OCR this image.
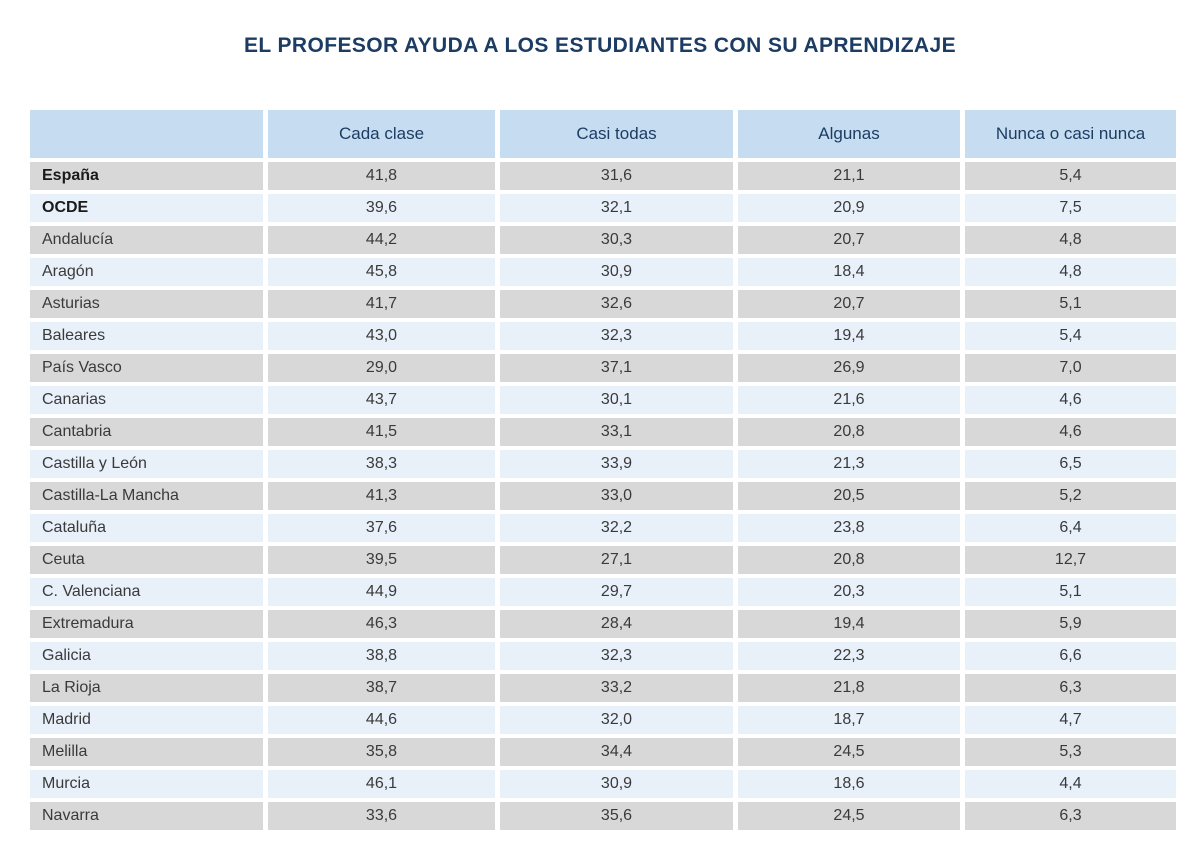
EL PROFESOR AYUDA A LOS ESTUDIANTES CON SU APRENDIZAJE
	Cada clase	Casi todas	Algunas	Nunca o casi nunca
España	41,8	31,6	21,1	5,4
OCDE	39,6	32,1	20,9	7,5
Andalucía	44,2	30,3	20,7	4,8
Aragón	45,8	30,9	18,4	4,8
Asturias	41,7	32,6	20,7	5,1
Baleares	43,0	32,3	19,4	5,4
País Vasco	29,0	37,1	26,9	7,0
Canarias	43,7	30,1	21,6	4,6
Cantabria	41,5	33,1	20,8	4,6
Castilla y León	38,3	33,9	21,3	6,5
Castilla-La Mancha	41,3	33,0	20,5	5,2
Cataluña	37,6	32,2	23,8	6,4
Ceuta	39,5	27,1	20,8	12,7
C. Valenciana	44,9	29,7	20,3	5,1
Extremadura	46,3	28,4	19,4	5,9
Galicia	38,8	32,3	22,3	6,6
La Rioja	38,7	33,2	21,8	6,3
Madrid	44,6	32,0	18,7	4,7
Melilla	35,8	34,4	24,5	5,3
Murcia	46,1	30,9	18,6	4,4
Navarra	33,6	35,6	24,5	6,3
